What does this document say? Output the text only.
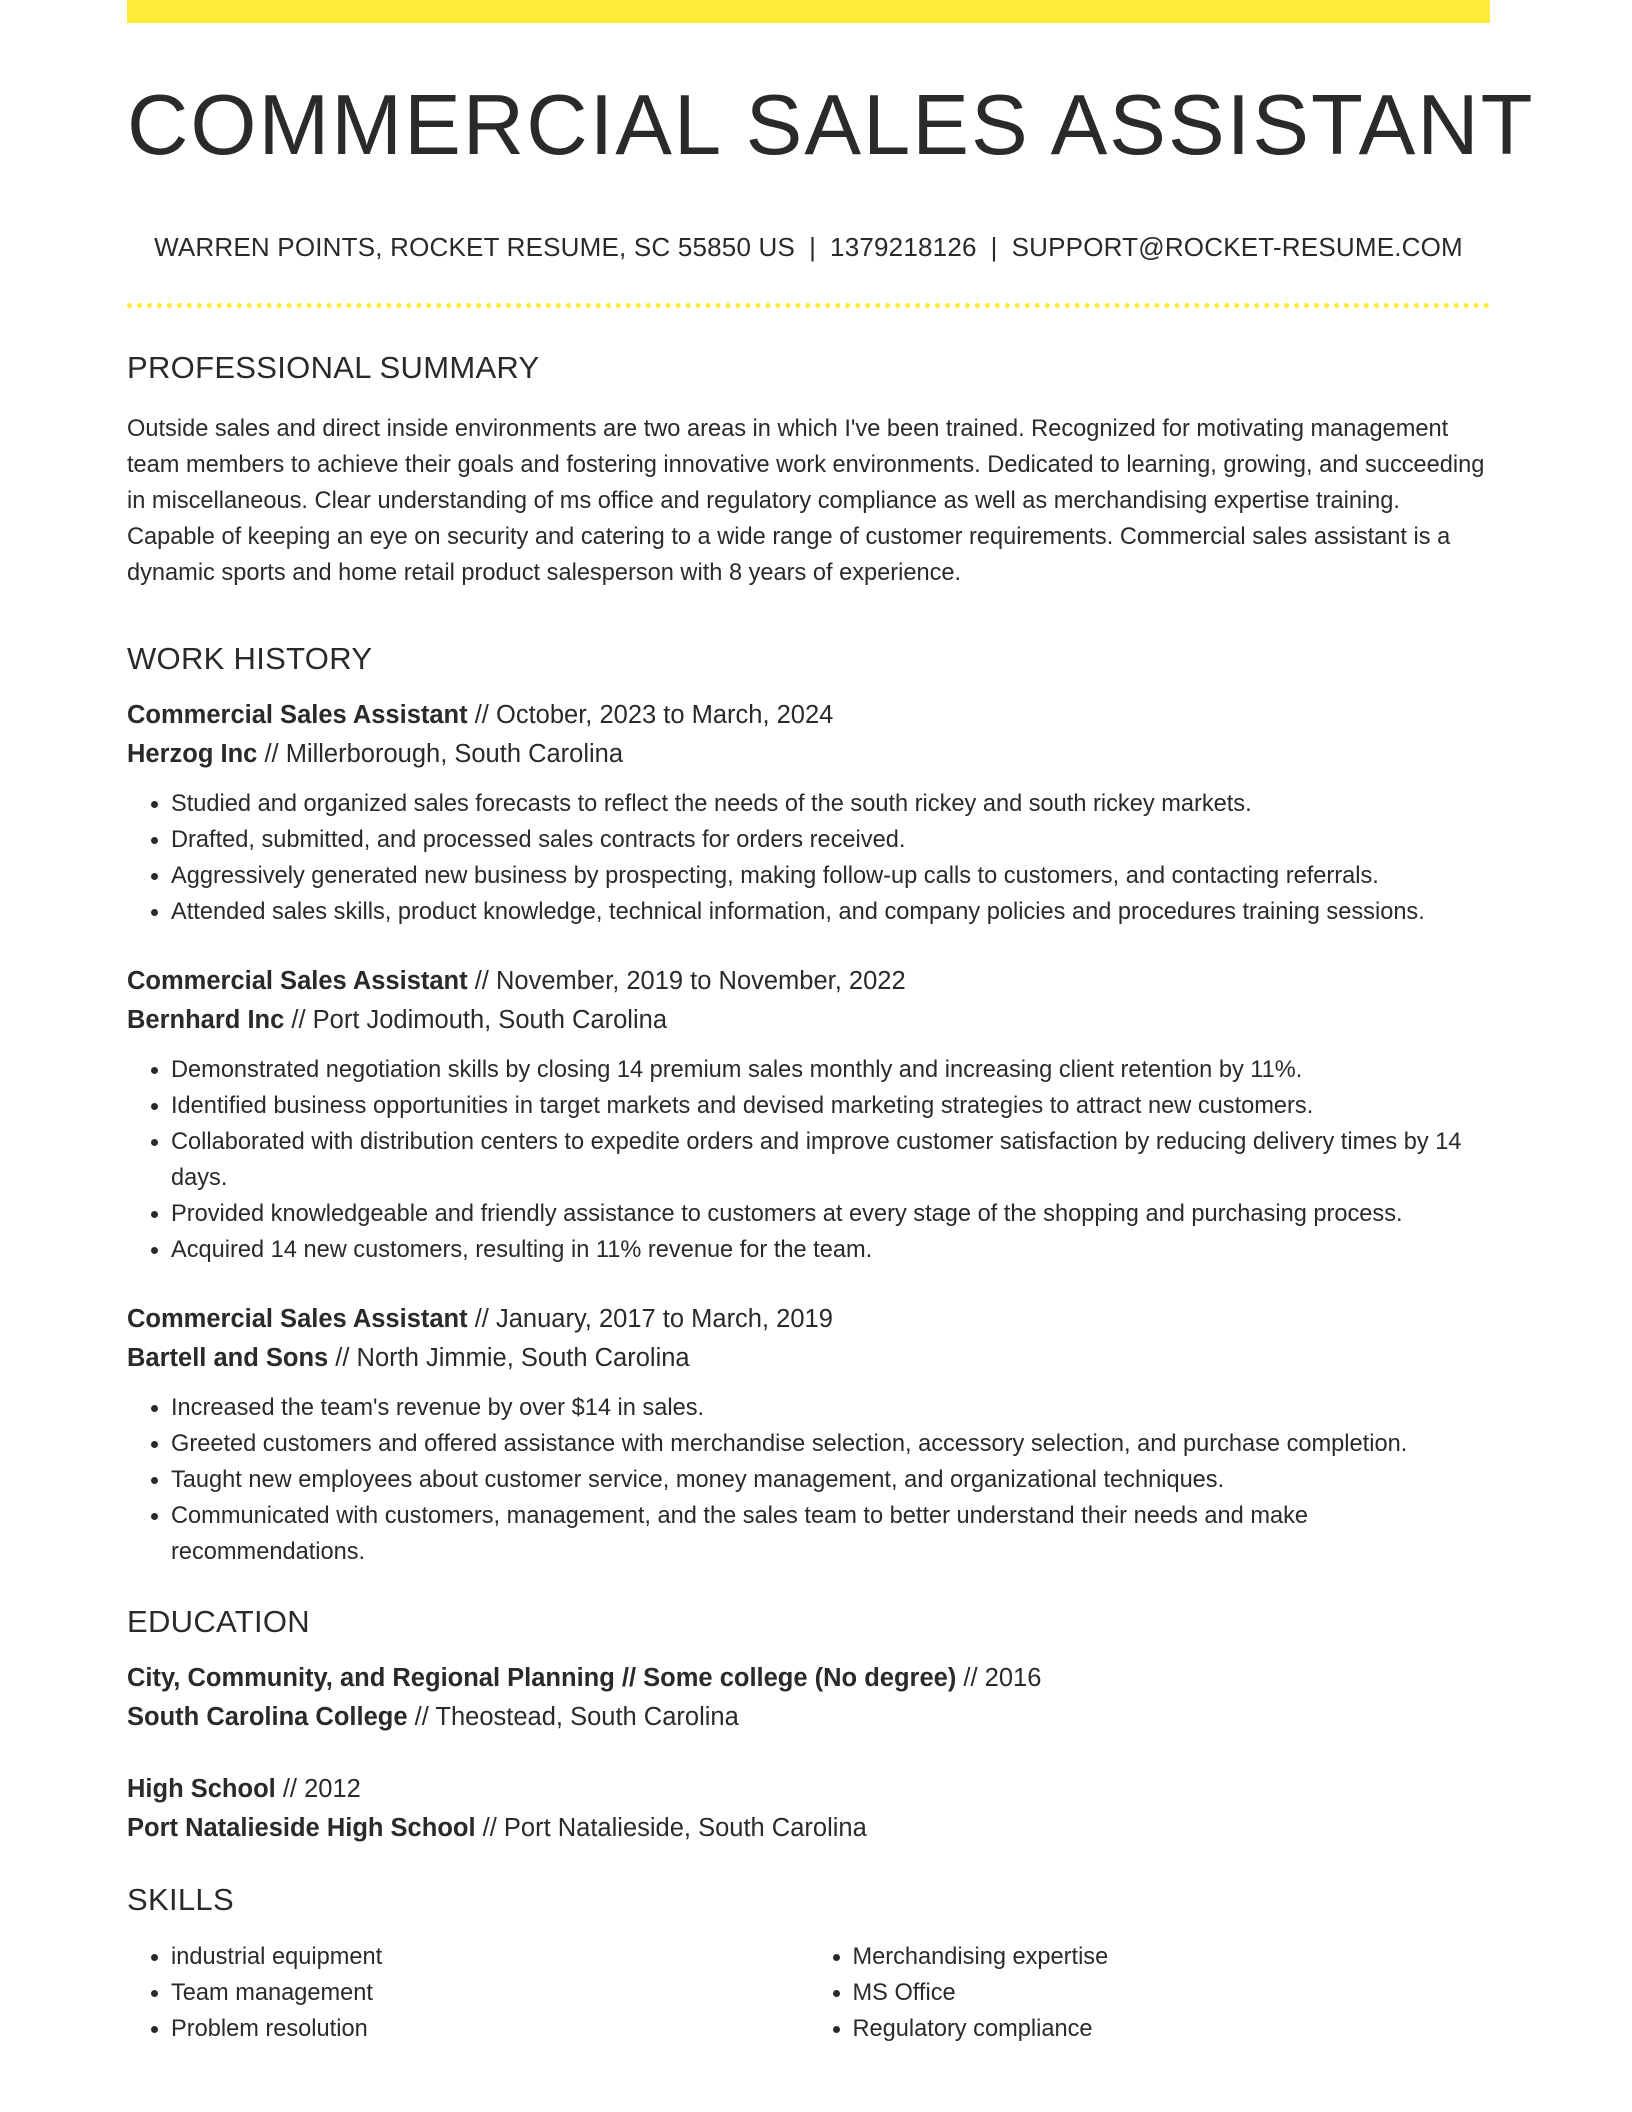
COMMERCIAL SALES ASSISTANT
WARREN POINTS, ROCKET RESUME, SC 55850 US | 1379218126 | SUPPORT@ROCKET-RESUME.COM
PROFESSIONAL SUMMARY
Outside sales and direct inside environments are two areas in which I've been trained. Recognized for motivating management team members to achieve their goals and fostering innovative work environments. Dedicated to learning, growing, and succeeding in miscellaneous. Clear understanding of ms office and regulatory compliance as well as merchandising expertise training. Capable of keeping an eye on security and catering to a wide range of customer requirements. Commercial sales assistant is a dynamic sports and home retail product salesperson with 8 years of experience.
WORK HISTORY
Commercial Sales Assistant // October, 2023 to March, 2024
Herzog Inc // Millerborough, South Carolina
• Studied and organized sales forecasts to reflect the needs of the south rickey and south rickey markets.
• Drafted, submitted, and processed sales contracts for orders received.
• Aggressively generated new business by prospecting, making follow-up calls to customers, and contacting referrals.
• Attended sales skills, product knowledge, technical information, and company policies and procedures training sessions.
Commercial Sales Assistant // November, 2019 to November, 2022
Bernhard Inc // Port Jodimouth, South Carolina
• Demonstrated negotiation skills by closing 14 premium sales monthly and increasing client retention by 11%.
• Identified business opportunities in target markets and devised marketing strategies to attract new customers.
• Collaborated with distribution centers to expedite orders and improve customer satisfaction by reducing delivery times by 14 days.
• Provided knowledgeable and friendly assistance to customers at every stage of the shopping and purchasing process.
• Acquired 14 new customers, resulting in 11% revenue for the team.
Commercial Sales Assistant // January, 2017 to March, 2019
Bartell and Sons // North Jimmie, South Carolina
• Increased the team's revenue by over $14 in sales.
• Greeted customers and offered assistance with merchandise selection, accessory selection, and purchase completion.
• Taught new employees about customer service, money management, and organizational techniques.
• Communicated with customers, management, and the sales team to better understand their needs and make recommendations.
EDUCATION
City, Community, and Regional Planning // Some college (No degree) // 2016
South Carolina College // Theostead, South Carolina
High School // 2012
Port Natalieside High School // Port Natalieside, South Carolina
SKILLS
• industrial equipment
• Team management
• Problem resolution
• Merchandising expertise
• MS Office
• Regulatory compliance
